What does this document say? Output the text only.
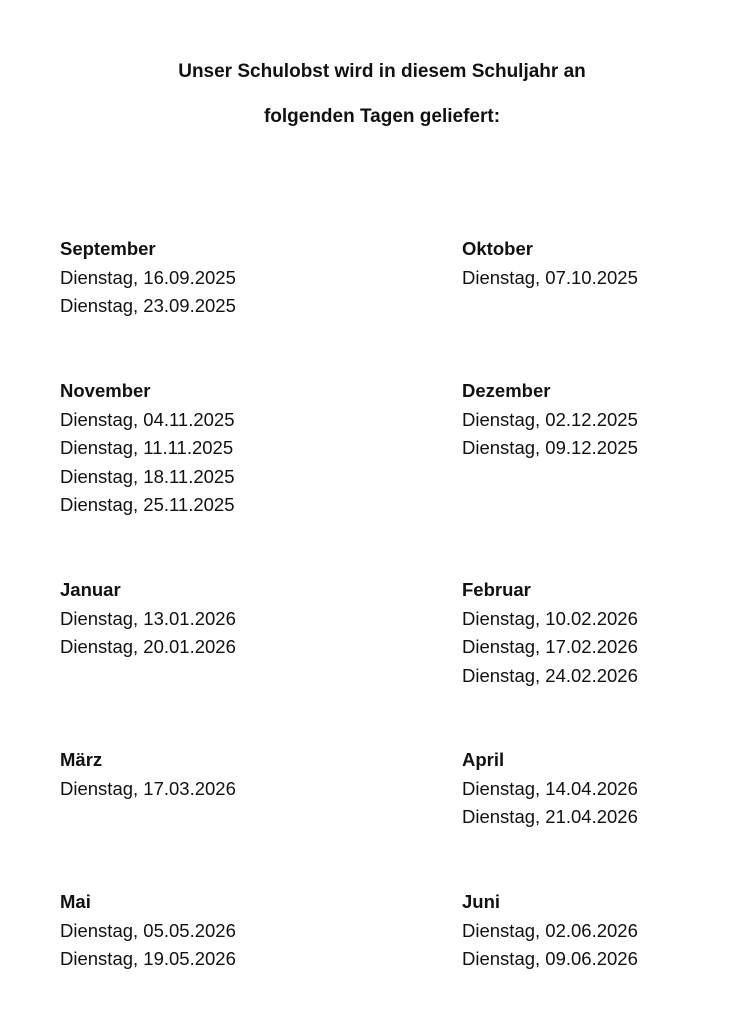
Unser Schulobst wird in diesem Schuljahr an
folgenden Tagen geliefert:
September
Dienstag, 16.09.2025
Dienstag, 23.09.2025
Oktober
Dienstag, 07.10.2025
November
Dienstag, 04.11.2025
Dienstag, 11.11.2025
Dienstag, 18.11.2025
Dienstag, 25.11.2025
Dezember
Dienstag, 02.12.2025
Dienstag, 09.12.2025
Januar
Dienstag, 13.01.2026
Dienstag, 20.01.2026
Februar
Dienstag, 10.02.2026
Dienstag, 17.02.2026
Dienstag, 24.02.2026
März
Dienstag, 17.03.2026
April
Dienstag, 14.04.2026
Dienstag, 21.04.2026
Mai
Dienstag, 05.05.2026
Dienstag, 19.05.2026
Juni
Dienstag, 02.06.2026
Dienstag, 09.06.2026
